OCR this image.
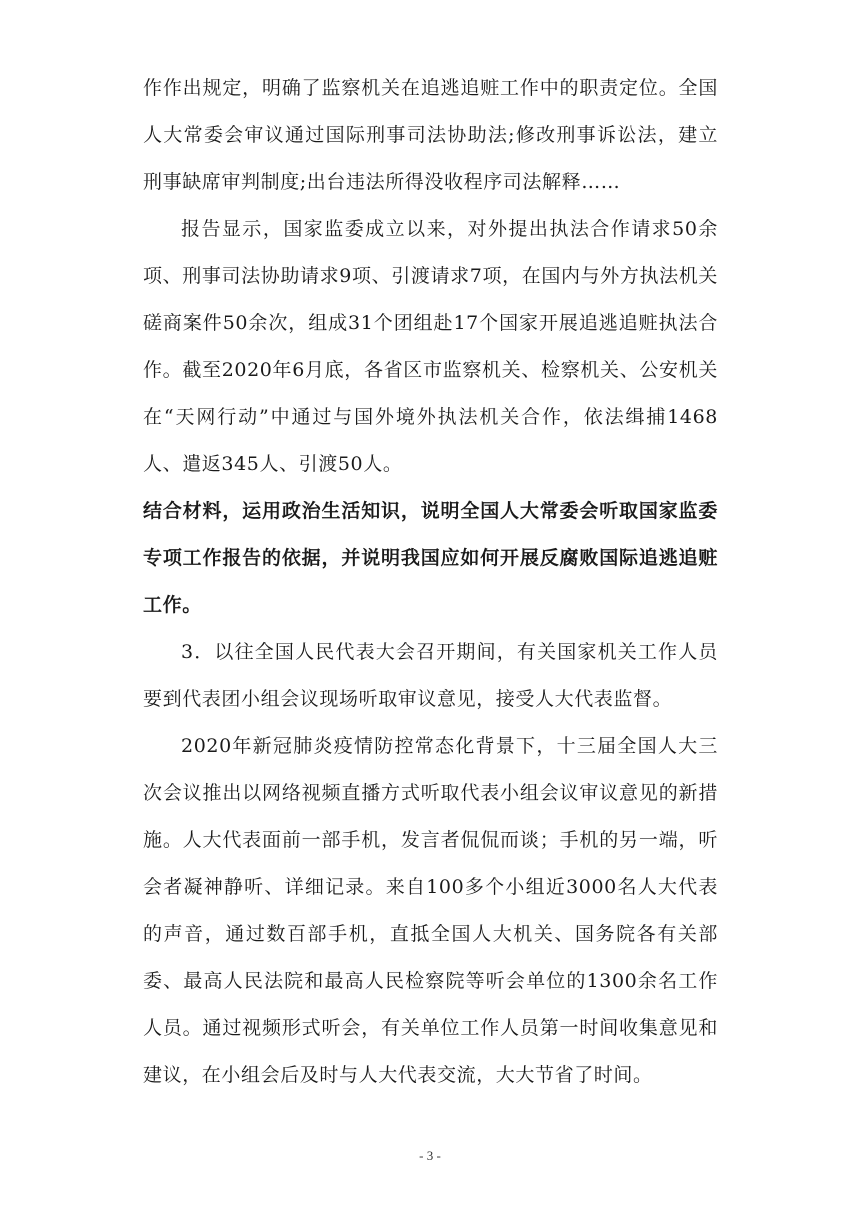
作作出规定，明确了监察机关在追逃追赃工作中的职责定位。全国人大常委会审议通过国际刑事司法协助法;修改刑事诉讼法，建立刑事缺席审判制度;出台违法所得没收程序司法解释……

报告显示，国家监委成立以来，对外提出执法合作请求50余项、刑事司法协助请求9项、引渡请求7项，在国内与外方执法机关磋商案件50余次，组成31个团组赴17个国家开展追逃追赃执法合作。截至2020年6月底，各省区市监察机关、检察机关、公安机关在“天网行动”中通过与国外境外执法机关合作，依法缉捕1468人、遣返345人、引渡50人。

结合材料，运用政治生活知识，说明全国人大常委会听取国家监委专项工作报告的依据，并说明我国应如何开展反腐败国际追逃追赃工作。

3．以往全国人民代表大会召开期间，有关国家机关工作人员要到代表团小组会议现场听取审议意见，接受人大代表监督。

2020年新冠肺炎疫情防控常态化背景下，十三届全国人大三次会议推出以网络视频直播方式听取代表小组会议审议意见的新措施。人大代表面前一部手机，发言者侃侃而谈；手机的另一端，听会者凝神静听、详细记录。来自100多个小组近3000名人大代表的声音，通过数百部手机，直抵全国人大机关、国务院各有关部委、最高人民法院和最高人民检察院等听会单位的1300余名工作人员。通过视频形式听会，有关单位工作人员第一时间收集意见和建议，在小组会后及时与人大代表交流，大大节省了时间。

- 3 -
